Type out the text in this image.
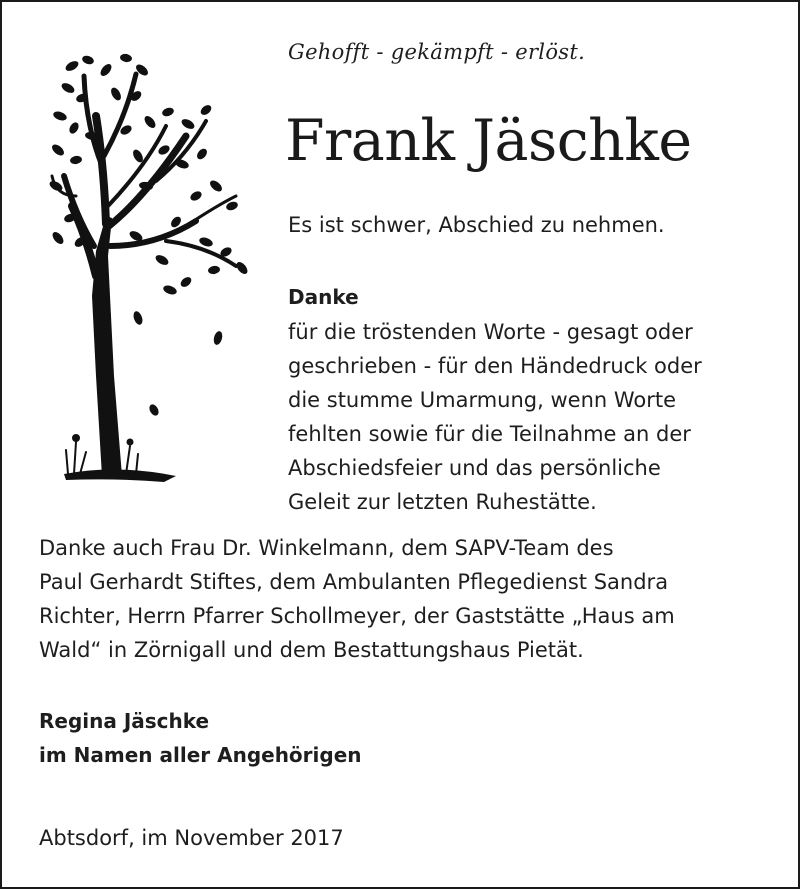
Gehofft - gekämpft - erlöst.
Frank Jäschke
Es ist schwer, Abschied zu nehmen.
Danke
für die tröstenden Worte - gesagt oder
geschrieben - für den Händedruck oder
die stumme Umarmung, wenn Worte
fehlten sowie für die Teilnahme an der
Abschiedsfeier und das persönliche
Geleit zur letzten Ruhestätte.
Danke auch Frau Dr. Winkelmann, dem SAPV-Team des
Paul Gerhardt Stiftes, dem Ambulanten Pflegedienst Sandra
Richter, Herrn Pfarrer Schollmeyer, der Gaststätte „Haus am
Wald“ in Zörnigall und dem Bestattungshaus Pietät.
Regina Jäschke
im Namen aller Angehörigen
Abtsdorf, im November 2017
